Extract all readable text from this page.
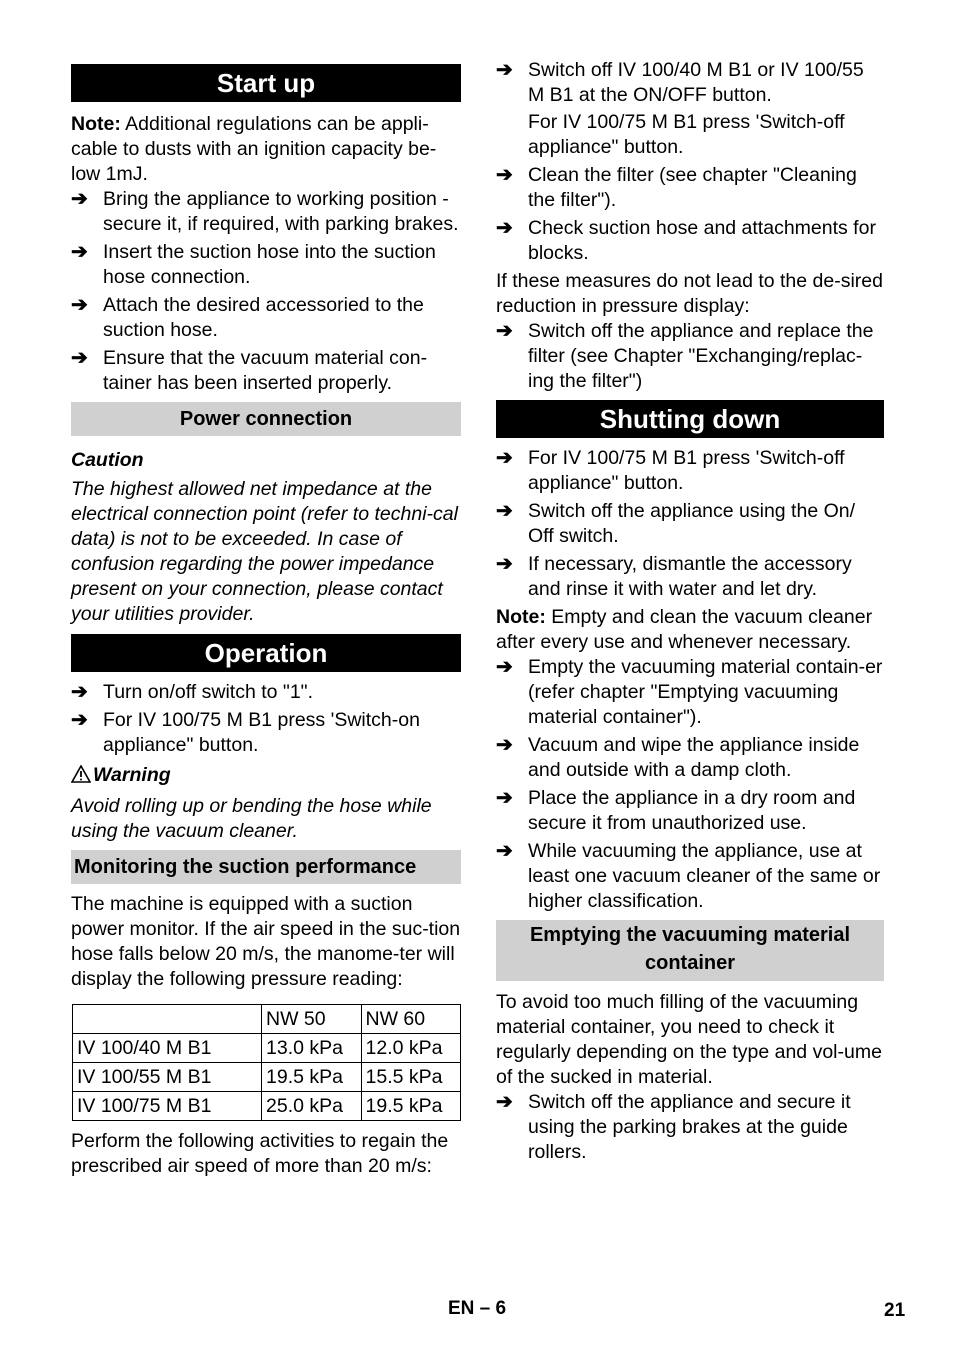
Start up

Note: Additional regulations can be appli-cable to dusts with an ignition capacity be-low 1mJ.

➔ Bring the appliance to working position - secure it, if required, with parking brakes.
➔ Insert the suction hose into the suction hose connection.
➔ Attach the desired accessoried to the suction hose.
➔ Ensure that the vacuum material con-tainer has been inserted properly.
Power connection

Caution

The highest allowed net impedance at the electrical connection point (refer to techni-cal data) is not to be exceeded. In case of confusion regarding the power impedance present on your connection, please contact your utilities provider.

Operation
➔ Turn on/off switch to "1".
➔ For IV 100/75 M B1 press 'Switch-on appliance" button.

Warning

Avoid rolling up or bending the hose while using the vacuum cleaner.

Monitoring the suction performance

The machine is equipped with a suction power monitor. If the air speed in the suc-tion hose falls below 20 m/s, the manome-ter will display the following pressure reading:

	NW 50	NW 60
IV 100/40 M B1	13.0 kPa	12.0 kPa
IV 100/55 M B1	19.5 kPa	15.5 kPa
IV 100/75 M B1	25.0 kPa	19.5 kPa

Perform the following activities to regain the prescribed air speed of more than 20 m/s:

➔ Switch off IV 100/40 M B1 or IV 100/55 M B1 at the ON/OFF button.

For IV 100/75 M B1 press 'Switch-off appliance" button.

➔ Clean the filter (see chapter "Cleaning the filter").
➔ Check suction hose and attachments for blocks.

If these measures do not lead to the de-sired reduction in pressure display:

➔ Switch off the appliance and replace the filter (see Chapter "Exchanging/replac-ing the filter")
Shutting down
➔ For IV 100/75 M B1 press 'Switch-off appliance" button.
➔ Switch off the appliance using the On/ Off switch.
➔ If necessary, dismantle the accessory and rinse it with water and let dry.

Note: Empty and clean the vacuum cleaner after every use and whenever necessary.

➔ Empty the vacuuming material contain-er (refer chapter "Emptying vacuuming material container").
➔ Vacuum and wipe the appliance inside and outside with a damp cloth.
➔ Place the appliance in a dry room and secure it from unauthorized use.
➔ While vacuuming the appliance, use at least one vacuum cleaner of the same or higher classification.
Emptying the vacuuming material container

To avoid too much filling of the vacuuming material container, you need to check it regularly depending on the type and vol-ume of the sucked in material.

➔ Switch off the appliance and secure it using the parking brakes at the guide rollers.
EN – 6	21
